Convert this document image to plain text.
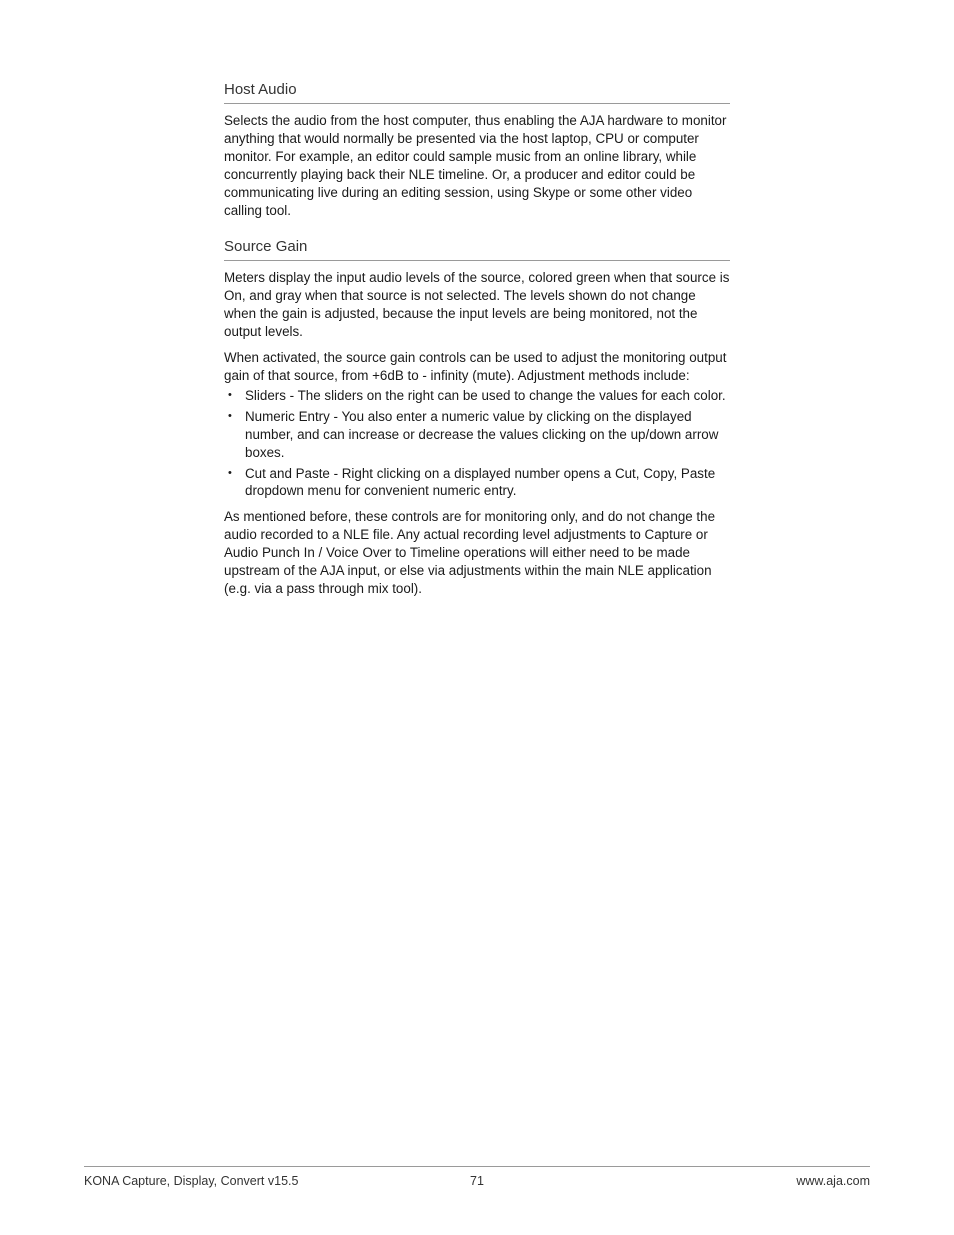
Host Audio

Selects the audio from the host computer, thus enabling the AJA hardware to monitor anything that would normally be presented via the host laptop, CPU or computer monitor. For example, an editor could sample music from an online library, while concurrently playing back their NLE timeline. Or, a producer and editor could be communicating live during an editing session, using Skype or some other video calling tool.

Source Gain

Meters display the input audio levels of the source, colored green when that source is On, and gray when that source is not selected. The levels shown do not change when the gain is adjusted, because the input levels are being monitored, not the output levels.

When activated, the source gain controls can be used to adjust the monitoring output gain of that source, from +6dB to - infinity (mute). Adjustment methods include:

• Sliders - The sliders on the right can be used to change the values for each color.
• Numeric Entry - You also enter a numeric value by clicking on the displayed number, and can increase or decrease the values clicking on the up/down arrow boxes.
• Cut and Paste - Right clicking on a displayed number opens a Cut, Copy, Paste dropdown menu for convenient numeric entry.

As mentioned before, these controls are for monitoring only, and do not change the audio recorded to a NLE file. Any actual recording level adjustments to Capture or Audio Punch In / Voice Over to Timeline operations will either need to be made upstream of the AJA input, or else via adjustments within the main NLE application (e.g. via a pass through mix tool).

KONA Capture, Display, Convert v15.5	71	www.aja.com
